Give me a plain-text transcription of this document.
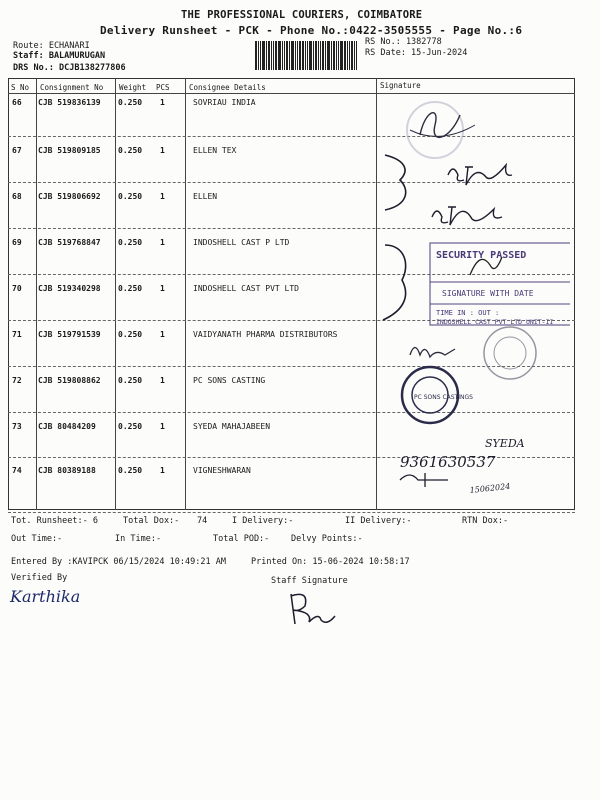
THE PROFESSIONAL COURIERS, COIMBATORE
Delivery Runsheet - PCK - Phone No.:0422-3505555 - Page No.:6
Route: ECHANARI
Staff: BALAMURUGAN
DRS No.: DCJB138277806
RS No.: 1382778
RS Date: 15-Jun-2024
S No Consignment No Weight PCS	Consignee Details	Signature
66 CJB 519836139 0.250 1	SOVRIAU INDIA
67 CJB 519809185 0.250 1	ELLEN TEX
68 CJB 519806692 0.250 1	ELLEN
69 CJB 519768847 0.250 1	INDOSHELL CAST P LTD
70 CJB 519340298 0.250 1	INDOSHELL CAST PVT LTD
71 CJB 519791539 0.250 1	VAIDYANATH PHARMA DISTRIBUTORS
72 CJB 519808862 0.250 1	PC SONS CASTING
73 CJB 80484209	0.250 1	SYEDA MAHAJABEEN
74 CJB 80389188	0.250 1	VIGNESHWARAN
SECURITY PASSED
SIGNATURE WITH DATE
TIME IN : OUT :
INDOSHELL CAST PVT LTD UNIT-II
PC SONS CASTINGS
SYEDA
9361630537
15062024
Tot. Runsheet:- 6	Total Dox:- 74	I Delivery:-	II Delivery:-	RTN Dox:-
Out Time:-	In Time:-	Total POD:-	Delvy Points:-
Entered By :KAVIPCK 06/15/2024 10:49:21 AM	Printed On: 15-06-2024 10:58:17
Verified By	Staff Signature
Karthika
